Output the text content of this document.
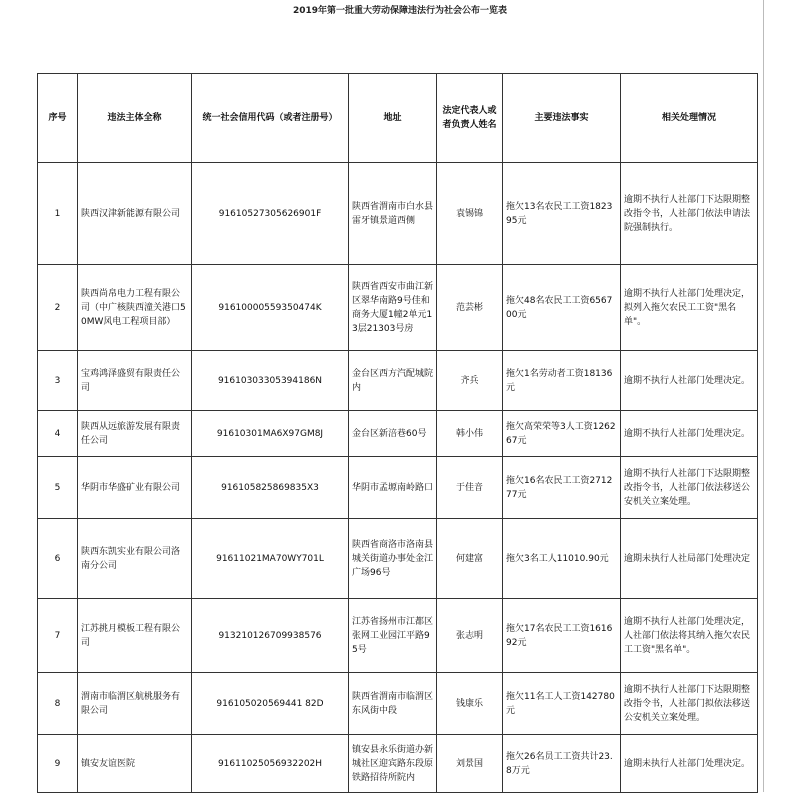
2019年第一批重大劳动保障违法行为社会公布一览表
序号	违法主体全称	统一社会信用代码（或者注册号）	地址	法定代表人或者负责人姓名	主要违法事实	相关处理情况
1	陕西汉津新能源有限公司	91610527305626901F	陕西省渭南市白水县雷牙镇景道西侧	袁锡锦	拖欠13名农民工工资182395元	逾期不执行人社部门下达限期整改指令书，人社部门依法申请法院强制执行。
2	陕西尚帛电力工程有限公司（中广核陕西潼关港口50MW风电工程项目部）	91610000559350474K	陕西省西安市曲江新区翠华南路9号佳和商务大厦1幢2单元13层21303号房	范芸彬	拖欠48名农民工工资656700元	逾期不执行人社部门处理决定，拟列入拖欠农民工工资"黑名单"。
3	宝鸡鸿泽盛贸有限责任公司	91610303305394186N	金台区西方汽配城院内	齐兵	拖欠1名劳动者工资18136元	逾期不执行人社部门处理决定。
4	陕西从远旅游发展有限责任公司	91610301MA6X97GM8J	金台区新涪巷60号	韩小伟	拖欠高荣荣等3人工资126267元	逾期不执行人社部门处理决定。
5	华阴市华盛矿业有限公司	916105825869835X3	华阴市孟塬南岭路口	于佳音	拖欠16名农民工工资271277元	逾期不执行人社部门下达限期整改指令书，人社部门依法移送公安机关立案处理。
6	陕西东凯实业有限公司洛南分公司	91611021MA70WY701L	陕西省商洛市洛南县城关街道办事处金江广场96号	何建富	拖欠3名工人11010.90元	逾期未执行人社局部门处理决定
7	江苏挑月模板工程有限公司	913210126709938576	江苏省扬州市江都区张网工业园江平路95号	张志明	拖欠17名农民工工资161692元	逾期不执行人社部门处理决定，人社部门依法将其纳入拖欠农民工工资"黑名单"。
8	渭南市临渭区航桃服务有限公司	916105020569441 82D	陕西省渭南市临渭区东风街中段	钱康乐	拖欠11名工人工资142780元	逾期不执行人社部门下达限期整改指令书，人社部门拟依法移送公安机关立案处理。
9	镇安友谊医院	91611025056932202H	镇安县永乐街道办新城社区迎宾路东段原铁路招待所院内	刘景国	拖欠26名员工工资共计23.8万元	逾期未执行人社部门处理决定。
